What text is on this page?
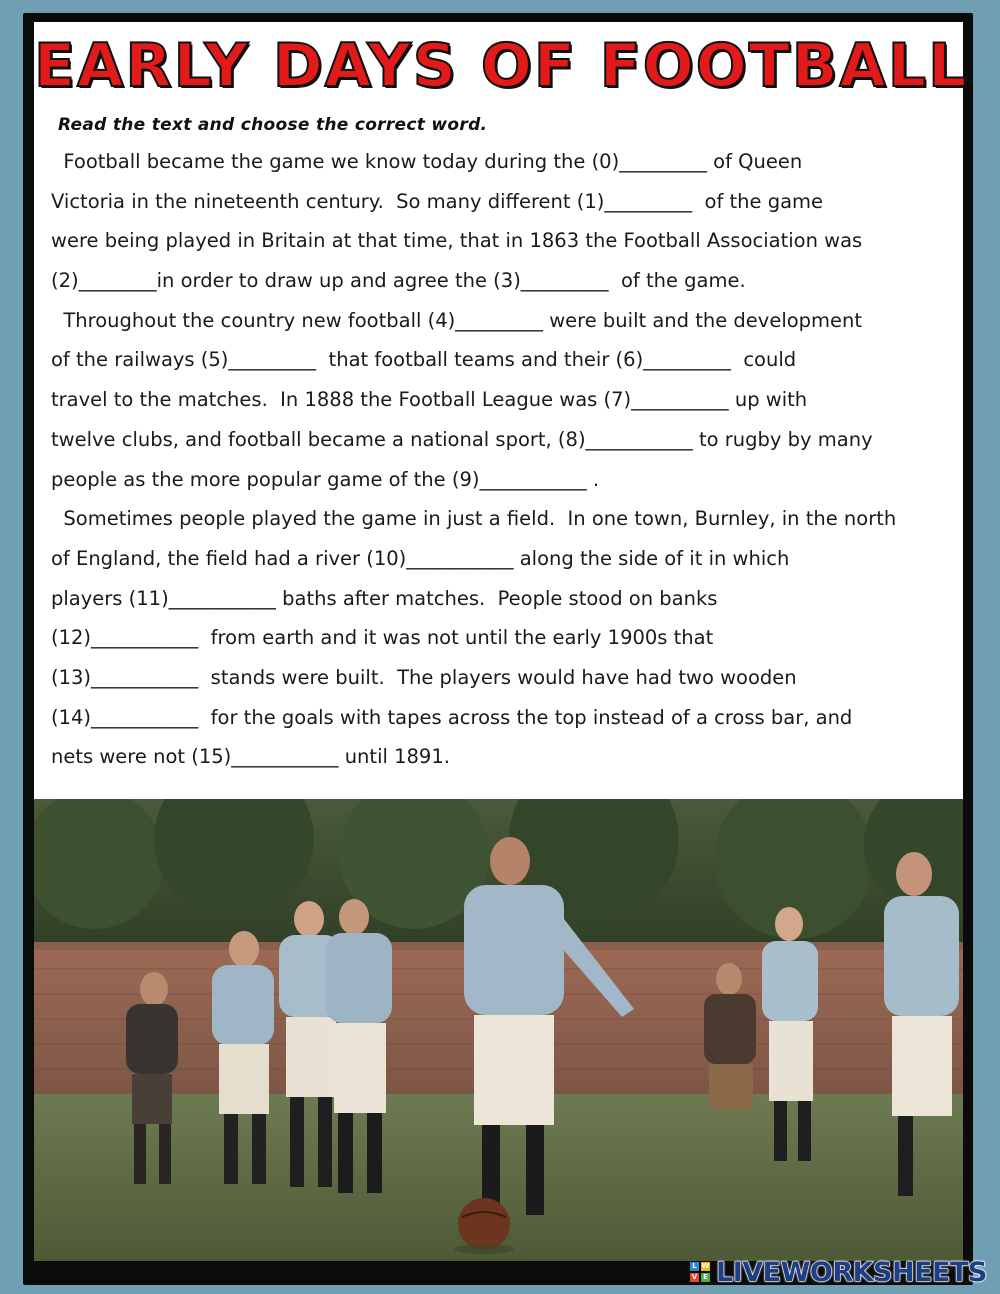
EARLY DAYS OF FOOTBALL
Read the text and choose the correct word.
Football became the game we know today during the (0)_________ of Queen
Victoria in the nineteenth century.  So many different (1)_________  of the game
were being played in Britain at that time, that in 1863 the Football Association was
(2)________in order to draw up and agree the (3)_________  of the game.
Throughout the country new football (4)_________ were built and the development
of the railways (5)_________  that football teams and their (6)_________  could
travel to the matches.  In 1888 the Football League was (7)__________ up with
twelve clubs, and football became a national sport, (8)___________ to rugby by many
people as the more popular game of the (9)___________ .
Sometimes people played the game in just a field.  In one town, Burnley, in the north
of England, the field had a river (10)___________ along the side of it in which
players (11)___________ baths after matches.  People stood on banks
(12)___________  from earth and it was not until the early 1900s that
(13)___________  stands were built.  The players would have had two wooden
(14)___________  for the goals with tapes across the top instead of a cross bar, and
nets were not (15)___________ until 1891.
L W
V E LIVEWORKSHEETS
